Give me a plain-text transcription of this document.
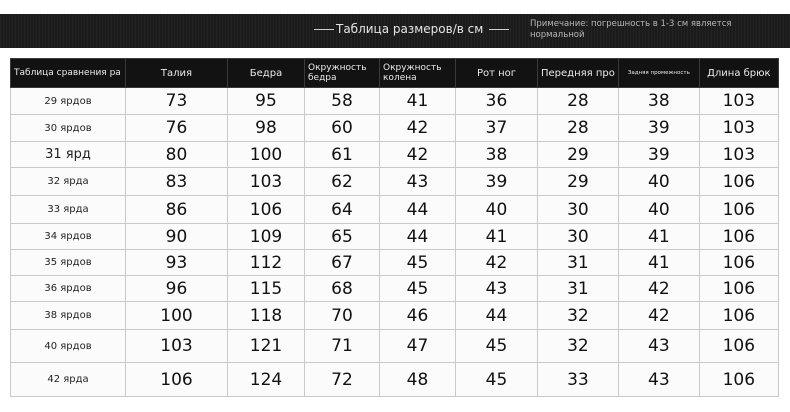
Таблица размеров/в см	Примечание: погрешность в 1-3 см является нормальной
Таблица сравнения ра	Талия	Бедра	Окружность бедра	Окружность колена	Рот ног	Передняя про	Задняя промежность	Длина брюк
29 ярдов	73	95	58	41	36	28	38	103
30 ярдов	76	98	60	42	37	28	39	103
31 ярд	80	100	61	42	38	29	39	103
32 ярда	83	103	62	43	39	29	40	106
33 ярда	86	106	64	44	40	30	40	106
34 ярдов	90	109	65	44	41	30	41	106
35 ярдов	93	112	67	45	42	31	41	106
36 ярдов	96	115	68	45	43	31	42	106
38 ярдов	100	118	70	46	44	32	42	106
40 ярдов	103	121	71	47	45	32	43	106
42 ярда	106	124	72	48	45	33	43	106
